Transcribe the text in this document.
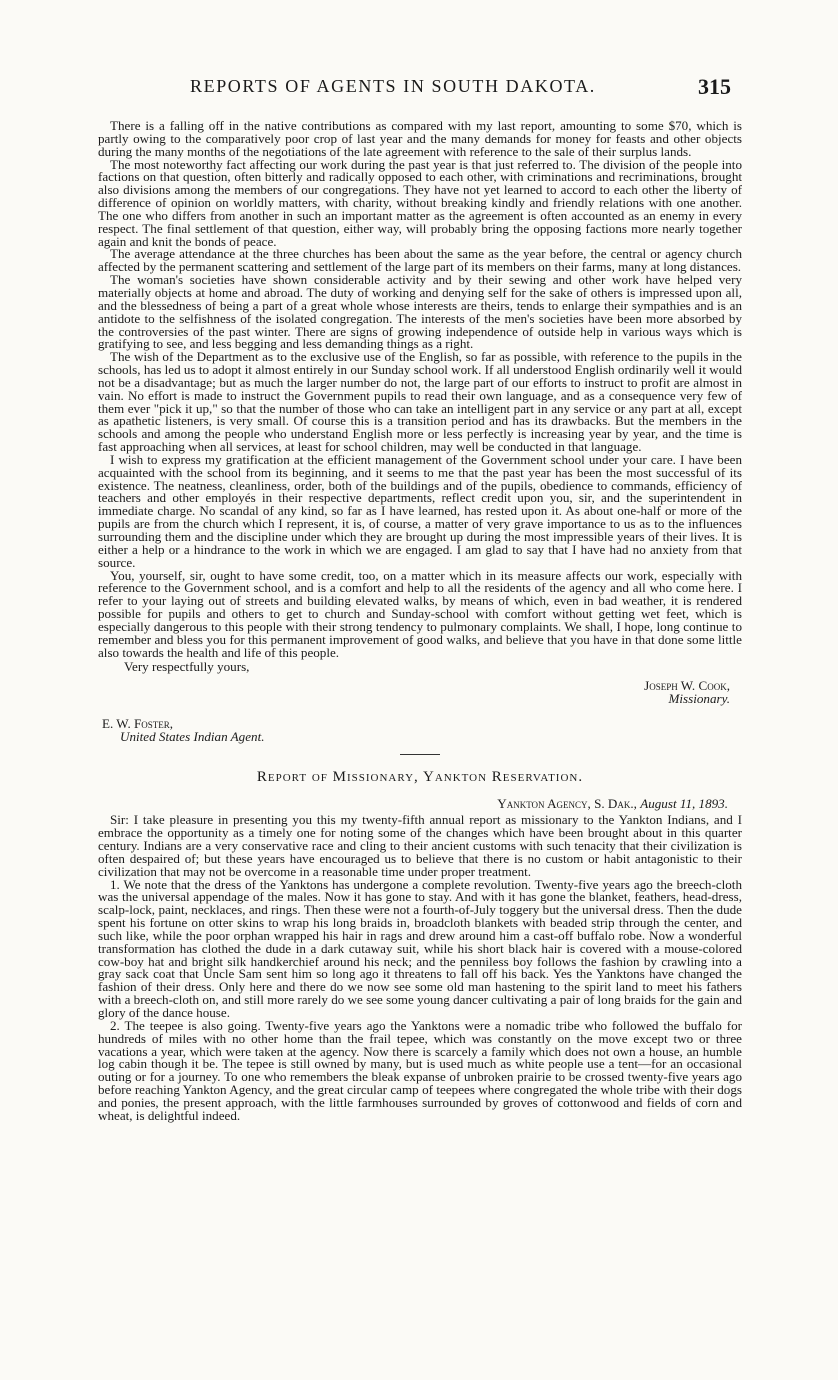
REPORTS OF AGENTS IN SOUTH DAKOTA.	315

There is a falling off in the native contributions as compared with my last report, amounting to some $70, which is partly owing to the comparatively poor crop of last year and the many demands for money for feasts and other objects during the many months of the negotiations of the late agreement with reference to the sale of their surplus lands.

The most noteworthy fact affecting our work during the past year is that just referred to. The division of the people into factions on that question, often bitterly and radically opposed to each other, with criminations and recriminations, brought also divisions among the members of our congregations. They have not yet learned to accord to each other the liberty of difference of opinion on worldly matters, with charity, without breaking kindly and friendly relations with one another. The one who differs from another in such an important matter as the agreement is often accounted as an enemy in every respect. The final settlement of that question, either way, will probably bring the opposing factions more nearly together again and knit the bonds of peace.

The average attendance at the three churches has been about the same as the year before, the central or agency church affected by the permanent scattering and settlement of the large part of its members on their farms, many at long distances.

The woman's societies have shown considerable activity and by their sewing and other work have helped very materially objects at home and abroad. The duty of working and denying self for the sake of others is impressed upon all, and the blessedness of being a part of a great whole whose interests are theirs, tends to enlarge their sympathies and is an antidote to the selfishness of the isolated congregation. The interests of the men's societies have been more absorbed by the controversies of the past winter. There are signs of growing independence of outside help in various ways which is gratifying to see, and less begging and less demanding things as a right.

The wish of the Department as to the exclusive use of the English, so far as possible, with reference to the pupils in the schools, has led us to adopt it almost entirely in our Sunday school work. If all understood English ordinarily well it would not be a disadvantage; but as much the larger number do not, the large part of our efforts to instruct to profit are almost in vain. No effort is made to instruct the Government pupils to read their own language, and as a consequence very few of them ever "pick it up," so that the number of those who can take an intelligent part in any service or any part at all, except as apathetic listeners, is very small. Of course this is a transition period and has its drawbacks. But the members in the schools and among the people who understand English more or less perfectly is increasing year by year, and the time is fast approaching when all services, at least for school children, may well be conducted in that language.

I wish to express my gratification at the efficient management of the Government school under your care. I have been acquainted with the school from its beginning, and it seems to me that the past year has been the most successful of its existence. The neatness, cleanliness, order, both of the buildings and of the pupils, obedience to commands, efficiency of teachers and other employés in their respective departments, reflect credit upon you, sir, and the superintendent in immediate charge. No scandal of any kind, so far as I have learned, has rested upon it. As about one-half or more of the pupils are from the church which I represent, it is, of course, a matter of very grave importance to us as to the influences surrounding them and the discipline under which they are brought up during the most impressible years of their lives. It is either a help or a hindrance to the work in which we are engaged. I am glad to say that I have had no anxiety from that source.

You, yourself, sir, ought to have some credit, too, on a matter which in its measure affects our work, especially with reference to the Government school, and is a comfort and help to all the residents of the agency and all who come here. I refer to your laying out of streets and building elevated walks, by means of which, even in bad weather, it is rendered possible for pupils and others to get to church and Sunday-school with comfort without getting wet feet, which is especially dangerous to this people with their strong tendency to pulmonary complaints. We shall, I hope, long continue to remember and bless you for this permanent improvement of good walks, and believe that you have in that done some little also towards the health and life of this people.

Very respectfully yours,
Joseph W. Cook,
Missionary.
E. W. Foster,
United States Indian Agent.
Report of Missionary, Yankton Reservation.
Yankton Agency, S. Dak., August 11, 1893.

Sir: I take pleasure in presenting you this my twenty-fifth annual report as missionary to the Yankton Indians, and I embrace the opportunity as a timely one for noting some of the changes which have been brought about in this quarter century. Indians are a very conservative race and cling to their ancient customs with such tenacity that their civilization is often despaired of; but these years have encouraged us to believe that there is no custom or habit antagonistic to their civilization that may not be overcome in a reasonable time under proper treatment.

1. We note that the dress of the Yanktons has undergone a complete revolution. Twenty-five years ago the breech-cloth was the universal appendage of the males. Now it has gone to stay. And with it has gone the blanket, feathers, head-dress, scalp-lock, paint, necklaces, and rings. Then these were not a fourth-of-July toggery but the universal dress. Then the dude spent his fortune on otter skins to wrap his long braids in, broadcloth blankets with beaded strip through the center, and such like, while the poor orphan wrapped his hair in rags and drew around him a cast-off buffalo robe. Now a wonderful transformation has clothed the dude in a dark cutaway suit, while his short black hair is covered with a mouse-colored cow-boy hat and bright silk handkerchief around his neck; and the penniless boy follows the fashion by crawling into a gray sack coat that Uncle Sam sent him so long ago it threatens to fall off his back. Yes the Yanktons have changed the fashion of their dress. Only here and there do we now see some old man hastening to the spirit land to meet his fathers with a breech-cloth on, and still more rarely do we see some young dancer cultivating a pair of long braids for the gain and glory of the dance house.

2. The teepee is also going. Twenty-five years ago the Yanktons were a nomadic tribe who followed the buffalo for hundreds of miles with no other home than the frail tepee, which was constantly on the move except two or three vacations a year, which were taken at the agency. Now there is scarcely a family which does not own a house, an humble log cabin though it be. The tepee is still owned by many, but is used much as white people use a tent—for an occasional outing or for a journey. To one who remembers the bleak expanse of unbroken prairie to be crossed twenty-five years ago before reaching Yankton Agency, and the great circular camp of teepees where congregated the whole tribe with their dogs and ponies, the present approach, with the little farmhouses surrounded by groves of cottonwood and fields of corn and wheat, is delightful indeed.
